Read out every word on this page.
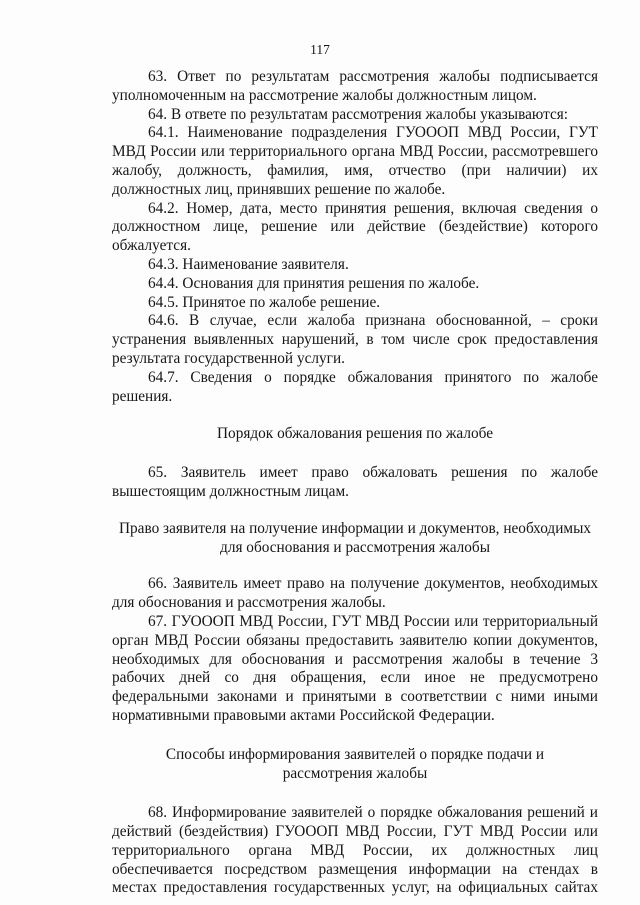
117

63. Ответ по результатам рассмотрения жалобы подписывается уполномоченным на рассмотрение жалобы должностным лицом.

64. В ответе по результатам рассмотрения жалобы указываются:

64.1. Наименование подразделения ГУОООП МВД России, ГУТ МВД России или территориального органа МВД России, рассмотревшего жалобу, должность, фамилия, имя, отчество (при наличии) их должностных лиц, принявших решение по жалобе.

64.2. Номер, дата, место принятия решения, включая сведения о должностном лице, решение или действие (бездействие) которого обжалуется.

64.3. Наименование заявителя.

64.4. Основания для принятия решения по жалобе.

64.5. Принятое по жалобе решение.

64.6. В случае, если жалоба признана обоснованной, – сроки устранения выявленных нарушений, в том числе срок предоставления результата государственной услуги.

64.7. Сведения о порядке обжалования принятого по жалобе решения.

Порядок обжалования решения по жалобе

65. Заявитель имеет право обжаловать решения по жалобе вышестоящим должностным лицам.

Право заявителя на получение информации и документов, необходимых для обоснования и рассмотрения жалобы

66. Заявитель имеет право на получение документов, необходимых для обоснования и рассмотрения жалобы.

67. ГУОООП МВД России, ГУТ МВД России или территориальный орган МВД России обязаны предоставить заявителю копии документов, необходимых для обоснования и рассмотрения жалобы в течение 3 рабочих дней со дня обращения, если иное не предусмотрено федеральными законами и принятыми в соответствии с ними иными нормативными правовыми актами Российской Федерации.

Способы информирования заявителей о порядке подачи и рассмотрения жалобы

68. Информирование заявителей о порядке обжалования решений и действий (бездействия) ГУОООП МВД России, ГУТ МВД России или территориального органа МВД России, их должностных лиц обеспечивается посредством размещения информации на стендах в местах предоставления государственных услуг, на официальных сайтах
